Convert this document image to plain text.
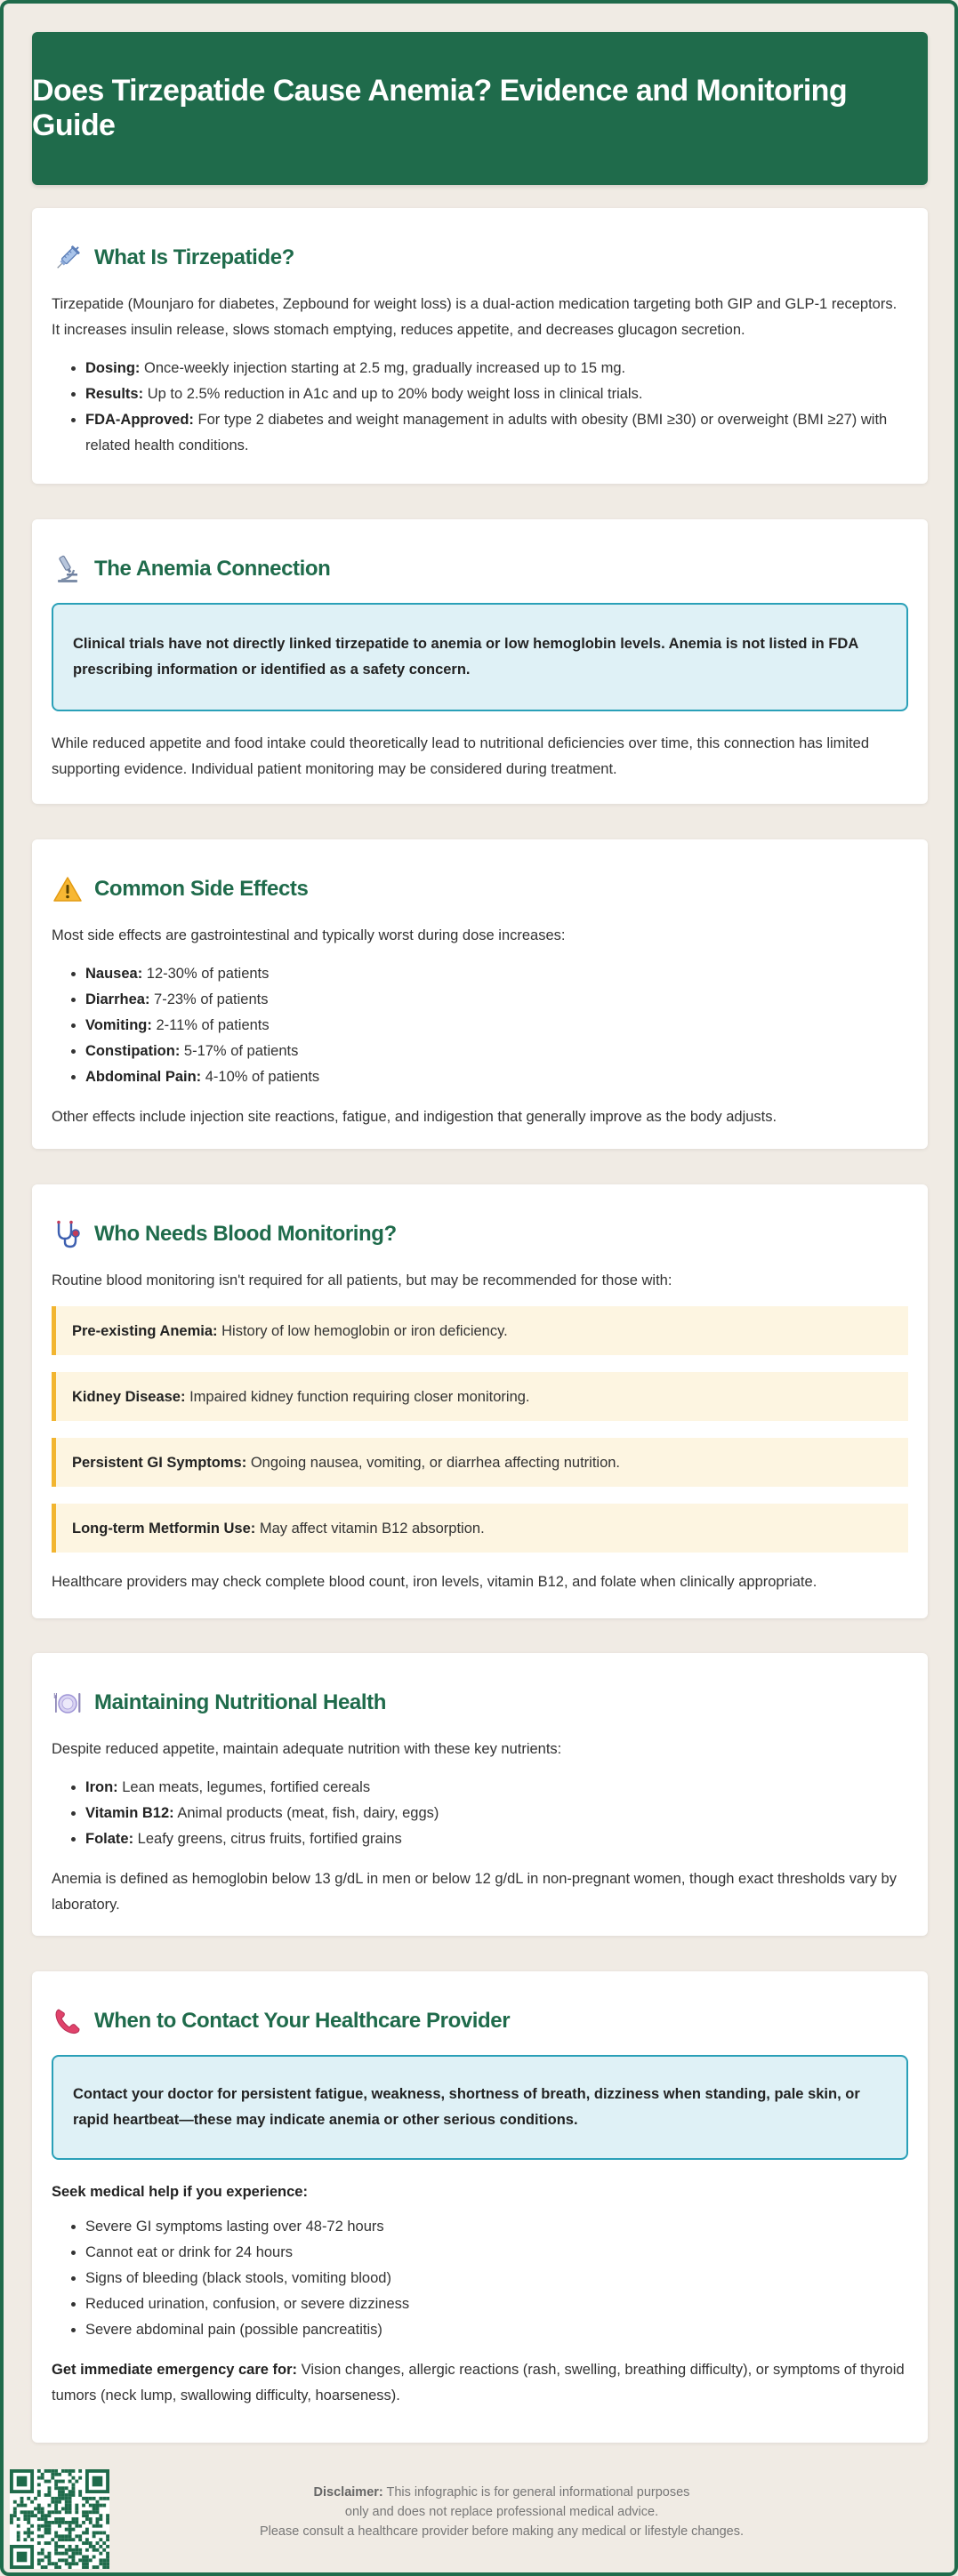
Does Tirzepatide Cause Anemia? Evidence and Monitoring Guide
What Is Tirzepatide?

Tirzepatide (Mounjaro for diabetes, Zepbound for weight loss) is a dual-action medication targeting both GIP and GLP-1 receptors. It increases insulin release, slows stomach emptying, reduces appetite, and decreases glucagon secretion.

• Dosing: Once-weekly injection starting at 2.5 mg, gradually increased up to 15 mg.
• Results: Up to 2.5% reduction in A1c and up to 20% body weight loss in clinical trials.
• FDA-Approved: For type 2 diabetes and weight management in adults with obesity (BMI ≥30) or overweight (BMI ≥27) with related health conditions.
The Anemia Connection

Clinical trials have not directly linked tirzepatide to anemia or low hemoglobin levels. Anemia is not listed in FDA prescribing information or identified as a safety concern.

While reduced appetite and food intake could theoretically lead to nutritional deficiencies over time, this connection has limited supporting evidence. Individual patient monitoring may be considered during treatment.

Common Side Effects

Most side effects are gastrointestinal and typically worst during dose increases:

• Nausea: 12-30% of patients
• Diarrhea: 7-23% of patients
• Vomiting: 2-11% of patients
• Constipation: 5-17% of patients
• Abdominal Pain: 4-10% of patients

Other effects include injection site reactions, fatigue, and indigestion that generally improve as the body adjusts.

Who Needs Blood Monitoring?

Routine blood monitoring isn't required for all patients, but may be recommended for those with:

Pre-existing Anemia: History of low hemoglobin or iron deficiency.
Kidney Disease: Impaired kidney function requiring closer monitoring.
Persistent GI Symptoms: Ongoing nausea, vomiting, or diarrhea affecting nutrition.
Long-term Metformin Use: May affect vitamin B12 absorption.

Healthcare providers may check complete blood count, iron levels, vitamin B12, and folate when clinically appropriate.

Maintaining Nutritional Health

Despite reduced appetite, maintain adequate nutrition with these key nutrients:

• Iron: Lean meats, legumes, fortified cereals
• Vitamin B12: Animal products (meat, fish, dairy, eggs)
• Folate: Leafy greens, citrus fruits, fortified grains

Anemia is defined as hemoglobin below 13 g/dL in men or below 12 g/dL in non-pregnant women, though exact thresholds vary by laboratory.

When to Contact Your Healthcare Provider

Contact your doctor for persistent fatigue, weakness, shortness of breath, dizziness when standing, pale skin, or rapid heartbeat—these may indicate anemia or other serious conditions.

Seek medical help if you experience:

• Severe GI symptoms lasting over 48-72 hours
• Cannot eat or drink for 24 hours
• Signs of bleeding (black stools, vomiting blood)
• Reduced urination, confusion, or severe dizziness
• Severe abdominal pain (possible pancreatitis)

Get immediate emergency care for: Vision changes, allergic reactions (rash, swelling, breathing difficulty), or symptoms of thyroid tumors (neck lump, swallowing difficulty, hoarseness).

Disclaimer: This infographic is for general informational purposes
only and does not replace professional medical advice.
Please consult a healthcare provider before making any medical or lifestyle changes.
